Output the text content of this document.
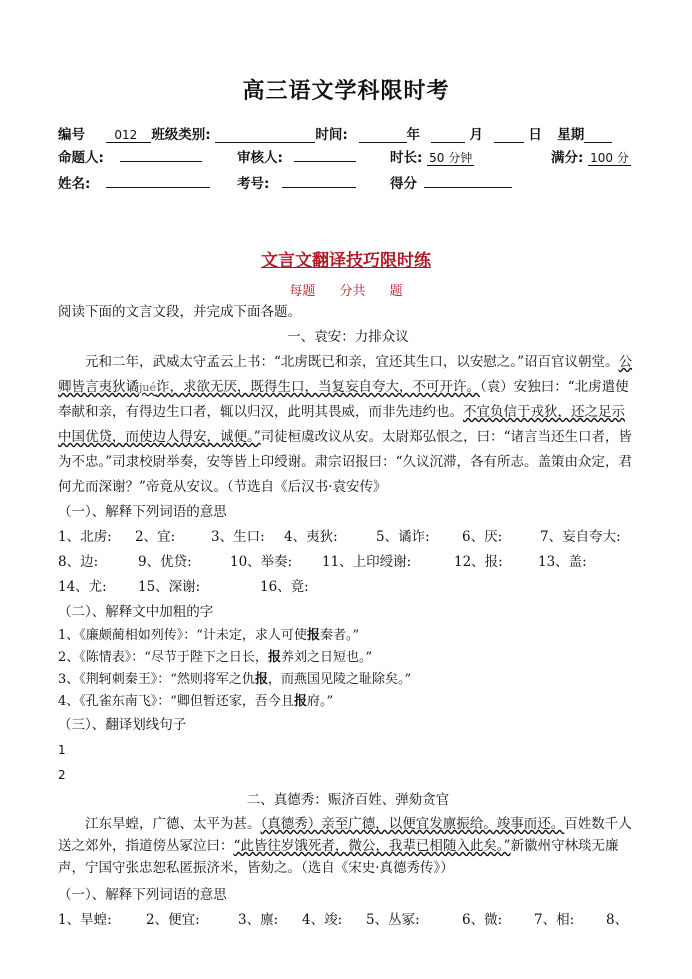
高三语文学科限时考
编号 012 班级类别:	时间:	年	月	日 星期
命题人:	审核人:	时长: 50 分钟	满分: 100 分
姓名:	考号:	得分
文言文翻译技巧限时练
每题 分共 题

阅读下面的文言文段，并完成下面各题。

一、袁安：力排众议

元和二年，武威太守孟云上书：“北虏既已和亲，宜还其生口，以安慰之。”诏百官议朝堂。公卿皆言夷狄谲jué诈，求欲无厌，既得生口，当复妄自夸大，不可开许。（袁）安独曰：“北虏遣使奉献和亲，有得边生口者，辄以归汉，此明其畏威，而非先违约也。不宜负信于戎狄，还之足示中国优贷，而使边人得安，诚便。”司徒桓虞改议从安。太尉郑弘恨之，曰：“诸言当还生口者，皆为不忠。”司隶校尉举奏，安等皆上印绶谢。肃宗诏报曰：“久议沉滞，各有所志。盖策由众定，君何尤而深谢？”帝竟从安议。（节选自《后汉书·袁安传》

（一）、解释下列词语的意思

1、北虏: 2、宜:	3、生口: 4、夷狄:	5、谲诈: 6、厌:	7、妄自夸大:
8、边:	9、优贷:	10、举奏: 11、上印绶谢:	12、报:	13、盖:
14、尤: 15、深谢:	16、竟:

（二）、解释文中加粗的字

1、《廉颇蔺相如列传》：“计未定，求人可使报秦者。”
2、《陈情表》：“尽节于陛下之日长，报养刘之日短也。”
3、《荆轲刺秦王》：“然则将军之仇报，而燕国见陵之耻除矣。”
4、《孔雀东南飞》：“卿但暂还家，吾今且报府。”

（三）、翻译划线句子

1

2

二、真德秀：赈济百姓、弹劾贪官

江东旱蝗，广德、太平为甚。（真德秀）亲至广德，以便宜发廪振给。竣事而还。百姓数千人送之郊外，指道傍丛冢泣曰：“此皆往岁饿死者，微公，我辈已相随入此矣。”新徽州守林琰无廉声，宁国守张忠恕私匿振济米，皆劾之。（选自《宋史·真德秀传》）

（一）、解释下列词语的意思

1、旱蝗:	2、便宜:	3、廪: 4、竣: 5、丛冢:	6、微: 7、相: 8、
